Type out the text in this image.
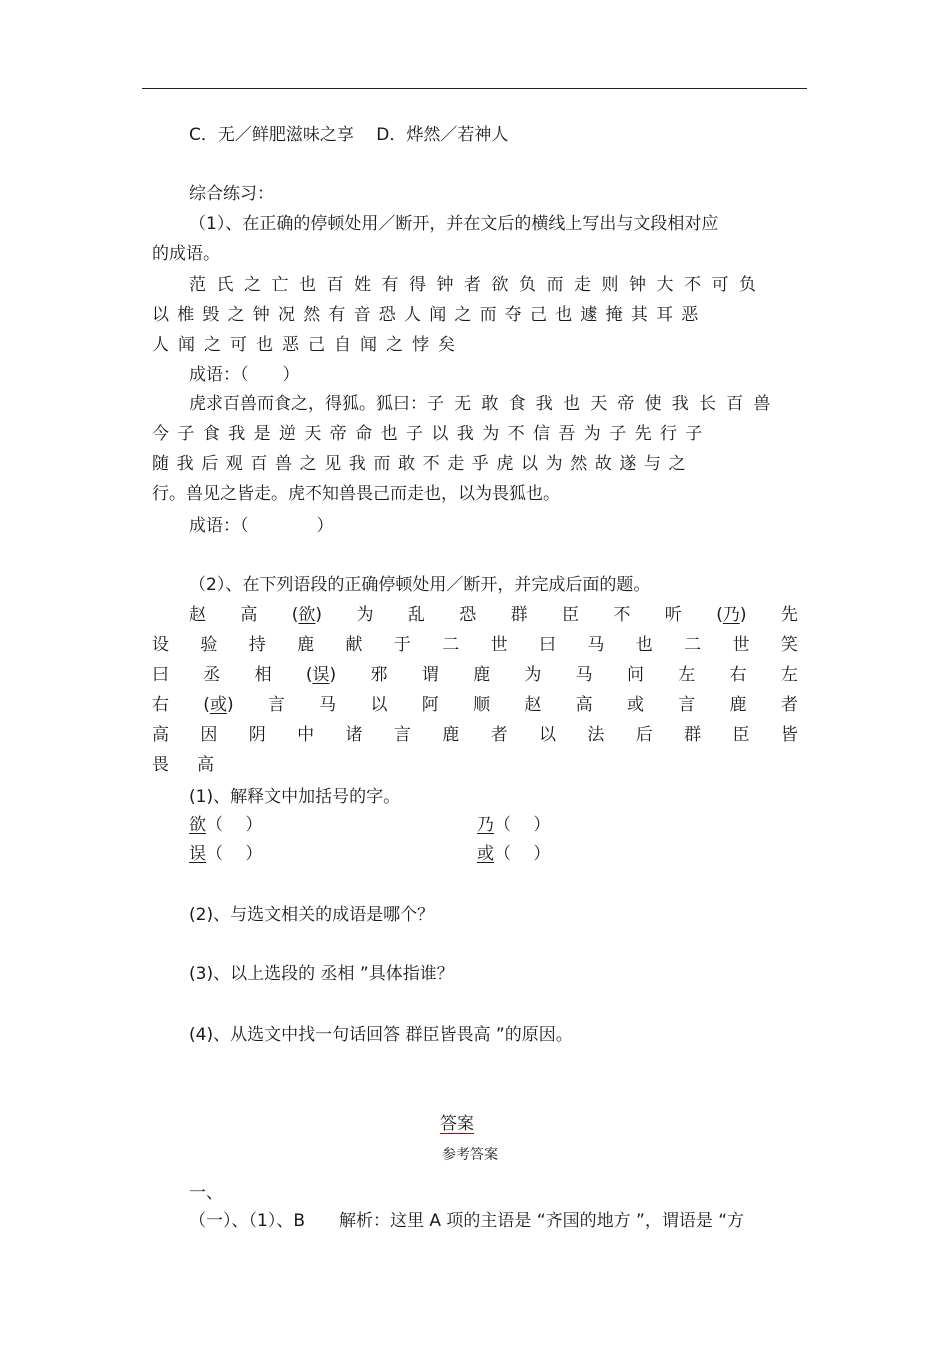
C．无／鲜肥滋味之享　 D．烨然／若神人
综合练习：
（1）、在正确的停顿处用／断开，并在文后的横线上写出与文段相对应
的成语。
范氏之亡也百姓有得钟者欲负而走则钟大不可负
以椎毁之钟况然有音恐人闻之而夺己也遽掩其耳恶
人闻之可也恶己自闻之悖矣
成语：（　　）
虎求百兽而食之，得狐。狐曰：子无敢食我也天帝使我长百兽
今子食我是逆天帝命也子以我为不信吾为子先行子
随我后观百兽之见我而敢不走乎虎以为然故遂与之
行。兽见之皆走。虎不知兽畏己而走也，以为畏狐也。
成语：（　　　　）
（2）、在下列语段的正确停顿处用／断开，并完成后面的题。
赵 高 (欲) 为 乱 恐 群 臣 不 听 (乃) 先
设 验 持 鹿 献 于 二 世 曰 马 也 二 世 笑
曰 丞 相 (误) 邪 谓 鹿 为 马 问 左 右 左
右 (或) 言 马 以 阿 顺 赵 高 或 言 鹿 者
高 因 阴 中 诸 言 鹿 者 以 法 后 群 臣 皆
畏 高
(1)、解释文中加括号的字。
欲（　 ）	乃（　 ）
误（　 ）	或（　 ）
(2)、与选文相关的成语是哪个？
(3)、以上选段的 丞相 ”具体指谁？
(4)、从选文中找一句话回答 群臣皆畏高 ”的原因。
答案
参考答案
一、
（一）、（1）、B　　解析：这里 A 项的主语是 “齐国的地方 ”，谓语是 “方
